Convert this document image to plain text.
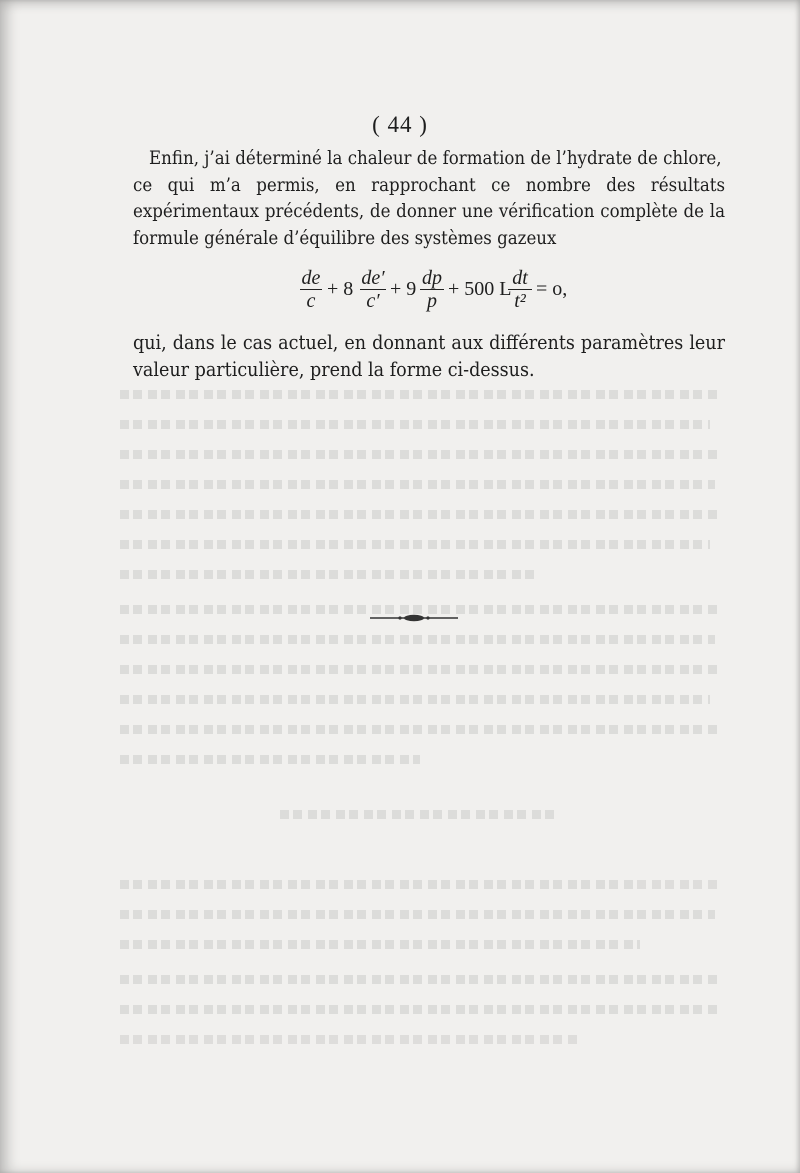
( 44 )
Enfin, j’ai déterminé la chaleur de formation de l’hydrate de chlore,
ce qui m’a permis, en rapprochant ce nombre des résultats expérimentaux précédents, de donner une vérification complète de la formule générale d’équilibre des systèmes gazeux
de
c
+ 8 de′
c′
+ 9 dp
p
+ 500 L dt
t²
= o,
qui, dans le cas actuel, en donnant aux différents paramètres leur valeur particulière, prend la forme ci-dessus.
